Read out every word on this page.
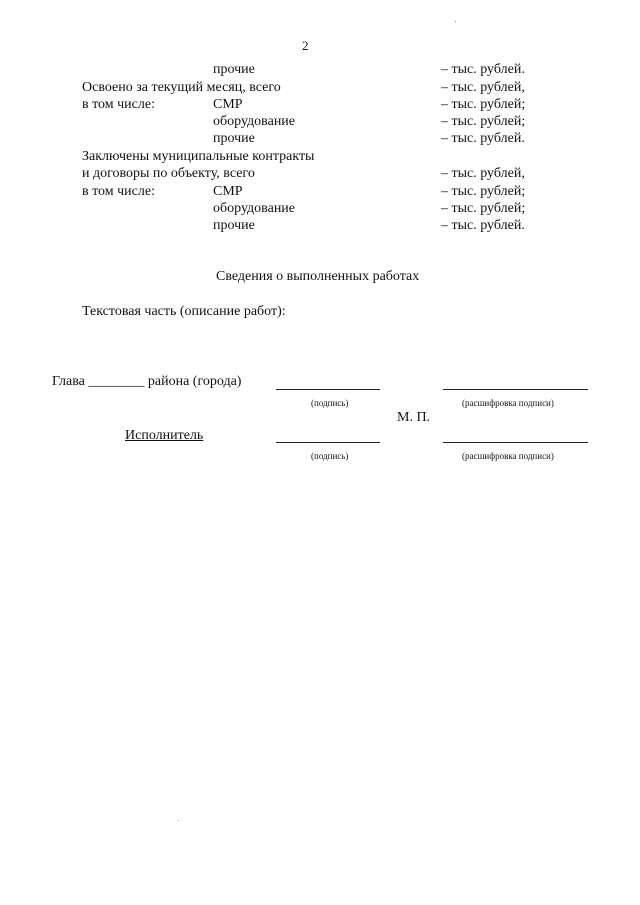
2
прочие	– тыс. рублей.
Освоено за текущий месяц, всего	– тыс. рублей,
в том числе:	СМР	– тыс. рублей;
оборудование	– тыс. рублей;
прочие	– тыс. рублей.
Заключены муниципальные контракты
и договоры по объекту, всего	– тыс. рублей,
в том числе:	СМР	– тыс. рублей;
оборудование	– тыс. рублей;
прочие	– тыс. рублей.
Сведения о выполненных работах
Текстовая часть (описание работ):
Глава ________ района (города)
(подпись)	(расшифровка подписи)
М. П.
Исполнитель
(подпись)	(расшифровка подписи)
